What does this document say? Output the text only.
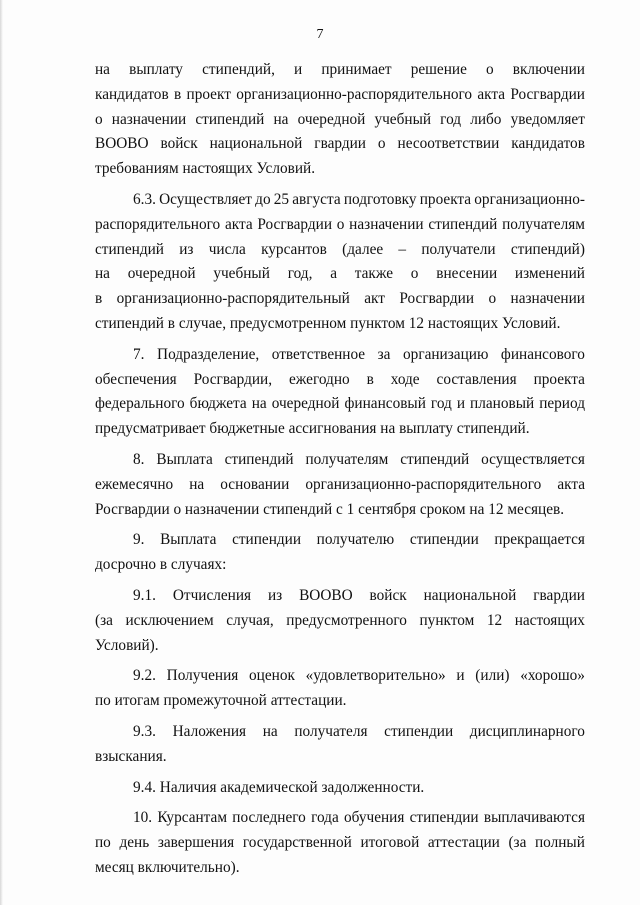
7
на выплату стипендий, и принимает решение о включении
кандидатов в проект организационно-распорядительного акта Росгвардии
о назначении стипендий на очередной учебный год либо уведомляет
ВООВО войск национальной гвардии о несоответствии кандидатов
требованиям настоящих Условий.
6.3. Осуществляет до 25 августа подготовку проекта организационно-
распорядительного акта Росгвардии о назначении стипендий получателям
стипендий из числа курсантов (далее – получатели стипендий)
на очередной учебный год, а также о внесении изменений
в организационно-распорядительный акт Росгвардии о назначении
стипендий в случае, предусмотренном пунктом 12 настоящих Условий.
7. Подразделение, ответственное за организацию финансового
обеспечения Росгвардии, ежегодно в ходе составления проекта
федерального бюджета на очередной финансовый год и плановый период
предусматривает бюджетные ассигнования на выплату стипендий.
8. Выплата стипендий получателям стипендий осуществляется
ежемесячно на основании организационно-распорядительного акта
Росгвардии о назначении стипендий с 1 сентября сроком на 12 месяцев.
9. Выплата стипендии получателю стипендии прекращается
досрочно в случаях:
9.1. Отчисления из ВООВО войск национальной гвардии
(за исключением случая, предусмотренного пунктом 12 настоящих
Условий).
9.2. Получения оценок «удовлетворительно» и (или) «хорошо»
по итогам промежуточной аттестации.
9.3. Наложения на получателя стипендии дисциплинарного
взыскания.
9.4. Наличия академической задолженности.
10. Курсантам последнего года обучения стипендии выплачиваются
по день завершения государственной итоговой аттестации (за полный
месяц включительно).
